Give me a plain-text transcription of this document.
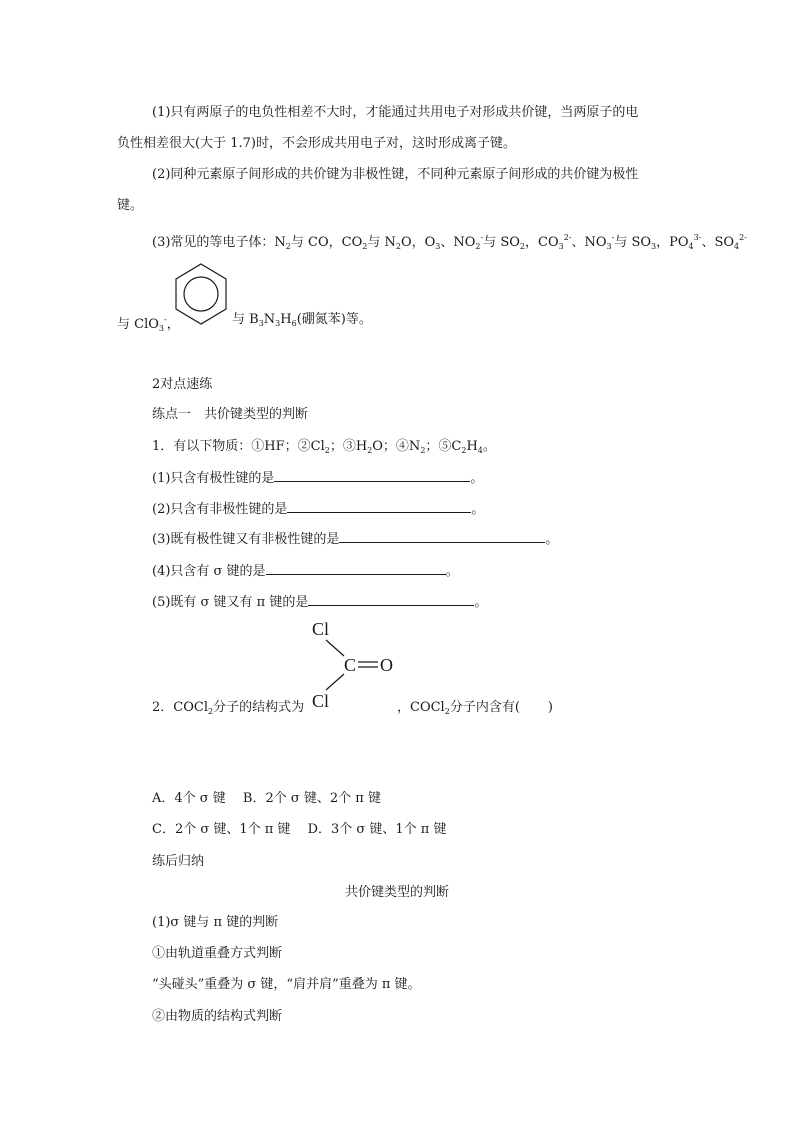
(1)只有两原子的电负性相差不大时，才能通过共用电子对形成共价键，当两原子的电
负性相差很大(大于 1.7)时，不会形成共用电子对，这时形成离子键。
(2)同种元素原子间形成的共价键为非极性键，不同种元素原子间形成的共价键为极性
键。
(3)常见的等电子体：$N_2$与 CO，$CO_2$与 $N_2O$，$O_3$、$NO_2^-$与 $SO_2$，$CO_3^{2-}$、$NO_3^-$与 $SO_3$，$PO_4^{3-}$、$SO_4^{2-}$
与 ClO$_3$-，	与 $B_3N_3H_6$(硼氮苯)等。
2对点速练
练点一　共价键类型的判断
1．有以下物质：①HF；$②Cl_2$；$③H_2O$；$④N_2$；$⑤C_2H_4$。
(1)只含有极性键的是	。
(2)只含有非极性键的是	。
(3)既有极性键又有非极性键的是	。
(4)只含有 σ 键的是	。
(5)既有 σ 键又有 π 键的是	。
Cl
C O
Cl
2．COCl$_2$分子的结构式为	，COCl$_2$分子内含有( )
A．4个 σ 键　 B．2个 σ 键、2个 π 键
C．2个 σ 键、1个 π 键　 D．3个 σ 键、1个 π 键
练后归纳
共价键类型的判断
(1)σ 键与 π 键的判断
①由轨道重叠方式判断
“头碰头”重叠为 σ 键，“肩并肩”重叠为 π 键。
②由物质的结构式判断
